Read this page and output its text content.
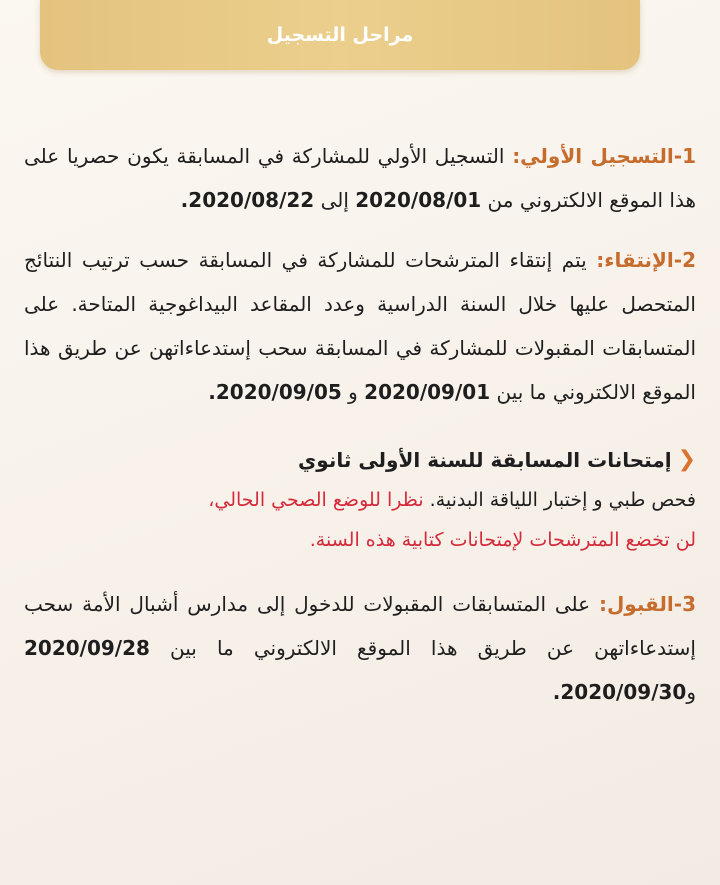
مراحل التسجيل

1-التسجيل الأولي: التسجيل الأولي للمشاركة في المسابقة يكون حصريا على هذا الموقع الالكتروني من 2020/08/01 إلى 2020/08/22.

2-الإنتقاء: يتم إنتقاء المترشحات للمشاركة في المسابقة حسب ترتيب النتائج المتحصل عليها خلال السنة الدراسية وعدد المقاعد البيداغوجية المتاحة. على المتسابقات المقبولات للمشاركة في المسابقة سحب إستدعاءاتهن عن طريق هذا الموقع الالكتروني ما بين 2020/09/01 و 2020/09/05.

❮
إمتحانات المسابقة للسنة الأولى ثانوي
فحص طبي و إختبار اللياقة البدنية. نظرا للوضع الصحي الحالي،
لن تخضع المترشحات لإمتحانات كتابية هذه السنة.

3-القبول: على المتسابقات المقبولات للدخول إلى مدارس أشبال الأمة سحب إستدعاءاتهن عن طريق هذا الموقع الالكتروني ما بين 2020/09/28 و2020/09/30.
